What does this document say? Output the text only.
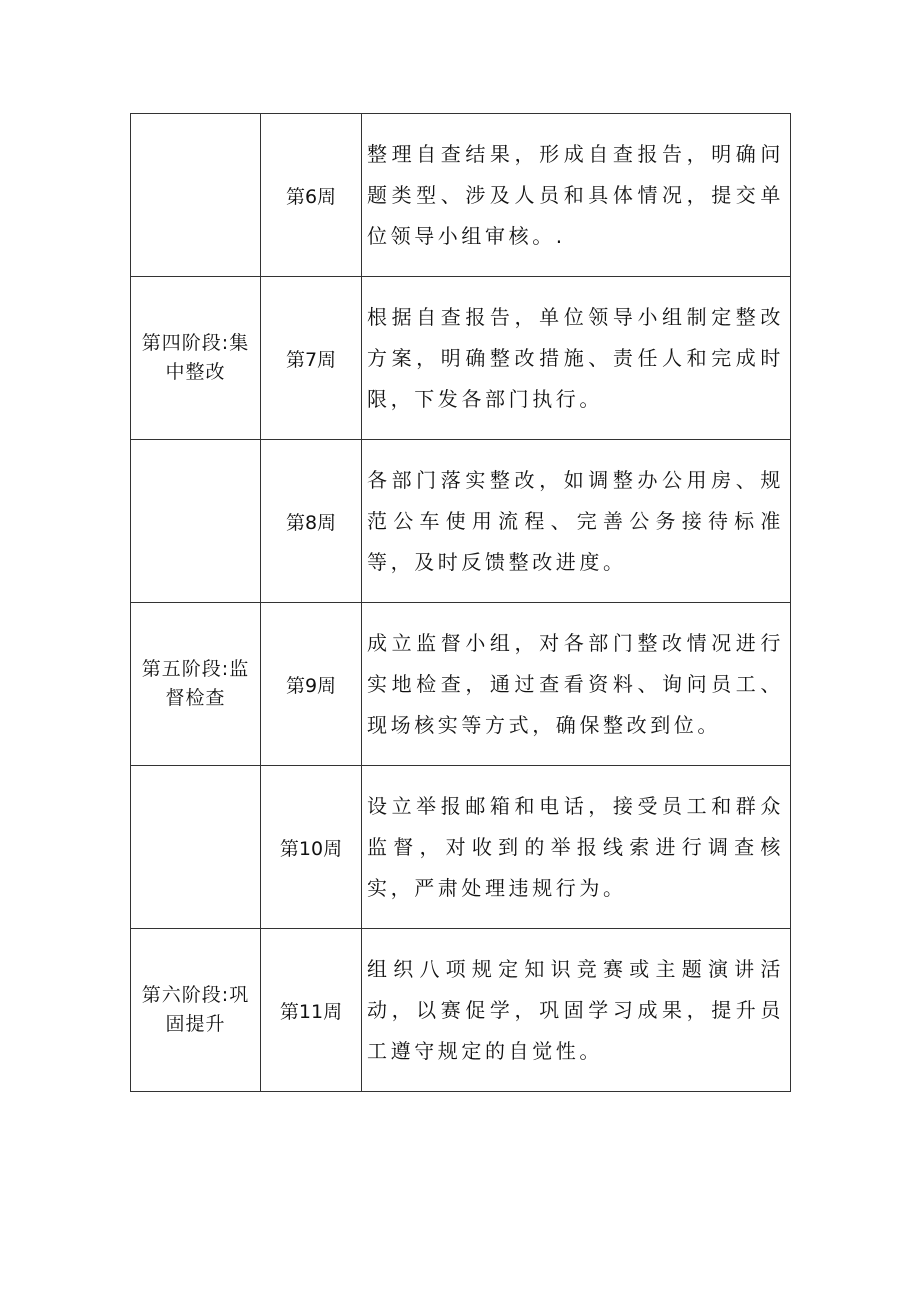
	第6周	整理自查结果，形成自查报告，明确问题类型、涉及人员和具体情况，提交单位领导小组审核。.

第四阶段:集中整改	第7周	根据自查报告，单位领导小组制定整改方案，明确整改措施、责任人和完成时限，下发各部门执行。

	第8周	各部门落实整改，如调整办公用房、规范公车使用流程、完善公务接待标准等，及时反馈整改进度。

第五阶段:监督检查	第9周	成立监督小组，对各部门整改情况进行实地检查，通过查看资料、询问员工、现场核实等方式，确保整改到位。

	第10周	设立举报邮箱和电话，接受员工和群众监督，对收到的举报线索进行调查核实，严肃处理违规行为。

第六阶段:巩固提升	第11周	组织八项规定知识竞赛或主题演讲活动，以赛促学，巩固学习成果，提升员工遵守规定的自觉性。
